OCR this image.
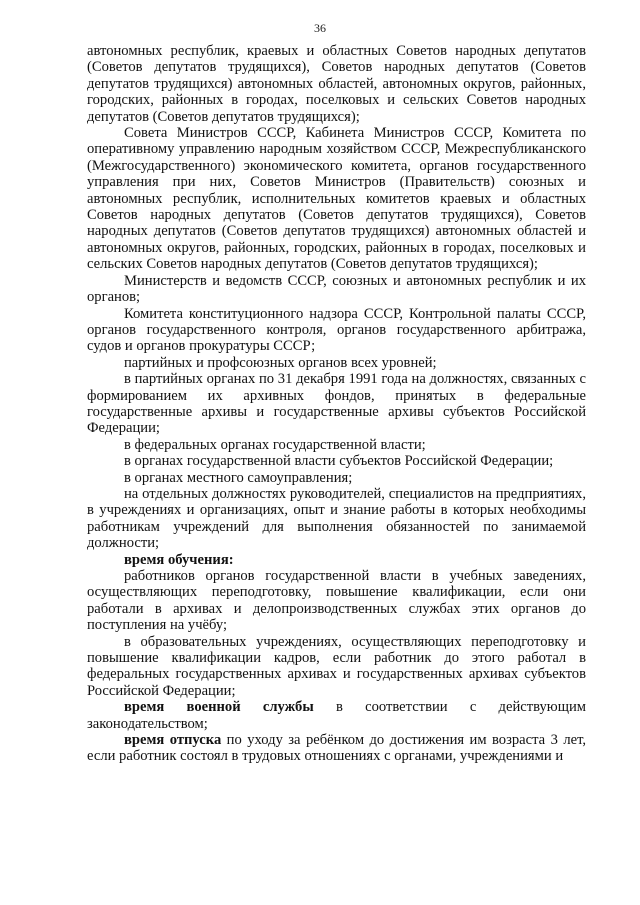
36

автономных республик, краевых и областных Советов народных депутатов (Советов депутатов трудящихся), Советов народных депутатов (Советов депутатов трудящихся) автономных областей, автономных округов, районных, городских, районных в городах, поселковых и сельских Советов народных депутатов (Советов депутатов трудящихся);

Совета Министров СССР, Кабинета Министров СССР, Комитета по оперативному управлению народным хозяйством СССР, Межреспубликанского (Межгосударственного) экономического комитета, органов государственного управления при них, Советов Министров (Правительств) союзных и автономных республик, исполнительных комитетов краевых и областных Советов народных депутатов (Советов депутатов трудящихся), Советов народных депутатов (Советов депутатов трудящихся) автономных областей и автономных округов, районных, городских, районных в городах, поселковых и сельских Советов народных депутатов (Советов депутатов трудящихся);

Министерств и ведомств СССР, союзных и автономных республик и их органов;

Комитета конституционного надзора СССР, Контрольной палаты СССР, органов государственного контроля, органов государственного арбитража, судов и органов прокуратуры СССР;

партийных и профсоюзных органов всех уровней;

в партийных органах по 31 декабря 1991 года на должностях, связанных с формированием их архивных фондов, принятых в федеральные государственные архивы и государственные архивы субъектов Российской Федерации;

в федеральных органах государственной власти;

в органах государственной власти субъектов Российской Федерации;

в органах местного самоуправления;

на отдельных должностях руководителей, специалистов на предприятиях, в учреждениях и организациях, опыт и знание работы в которых необходимы работникам учреждений для выполнения обязанностей по занимаемой должности;

время обучения:

работников органов государственной власти в учебных заведениях, осуществляющих переподготовку, повышение квалификации, если они работали в архивах и делопроизводственных службах этих органов до поступления на учёбу;

в образовательных учреждениях, осуществляющих переподготовку и повышение квалификации кадров, если работник до этого работал в федеральных государственных архивах и государственных архивах субъектов Российской Федерации;

время военной службы в соответствии с действующим законодательством;

время отпуска по уходу за ребёнком до достижения им возраста 3 лет, если работник состоял в трудовых отношениях с органами, учреждениями и
